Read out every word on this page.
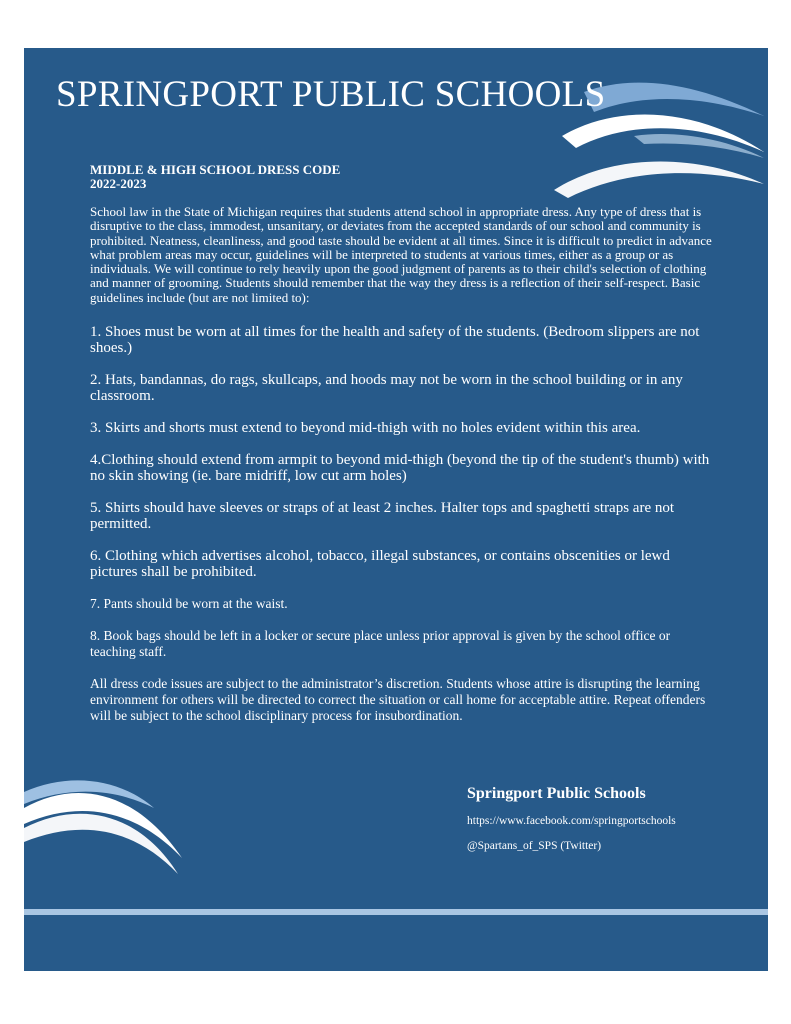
SPRINGPORT PUBLIC SCHOOLS

MIDDLE & HIGH SCHOOL DRESS CODE
2022-2023

School law in the State of Michigan requires that students attend school in appropriate dress. Any type of dress that is disruptive to the class, immodest, unsanitary, or deviates from the accepted standards of our school and community is prohibited. Neatness, cleanliness, and good taste should be evident at all times. Since it is difficult to predict in advance what problem areas may occur, guidelines will be interpreted to students at various times, either as a group or as individuals. We will continue to rely heavily upon the good judgment of parents as to their child's selection of clothing and manner of grooming. Students should remember that the way they dress is a reflection of their self-respect. Basic guidelines include (but are not limited to):

1. Shoes must be worn at all times for the health and safety of the students. (Bedroom slippers are not shoes.)
2. Hats, bandannas, do rags, skullcaps, and hoods may not be worn in the school building or in any classroom.
3. Skirts and shorts must extend to beyond mid-thigh with no holes evident within this area.
4.Clothing should extend from armpit to beyond mid-thigh (beyond the tip of the student's thumb) with no skin showing (ie. bare midriff, low cut arm holes)
5. Shirts should have sleeves or straps of at least 2 inches. Halter tops and spaghetti straps are not permitted.
6. Clothing which advertises alcohol, tobacco, illegal substances, or contains obscenities or lewd pictures shall be prohibited.
7. Pants should be worn at the waist.
8. Book bags should be left in a locker or secure place unless prior approval is given by the school office or teaching staff.

All dress code issues are subject to the administrator’s discretion. Students whose attire is disrupting the learning environment for others will be directed to correct the situation or call home for acceptable attire. Repeat offenders will be subject to the school disciplinary process for insubordination.

Springport Public Schools

https://www.facebook.com/springportschools

@Spartans_of_SPS (Twitter)
